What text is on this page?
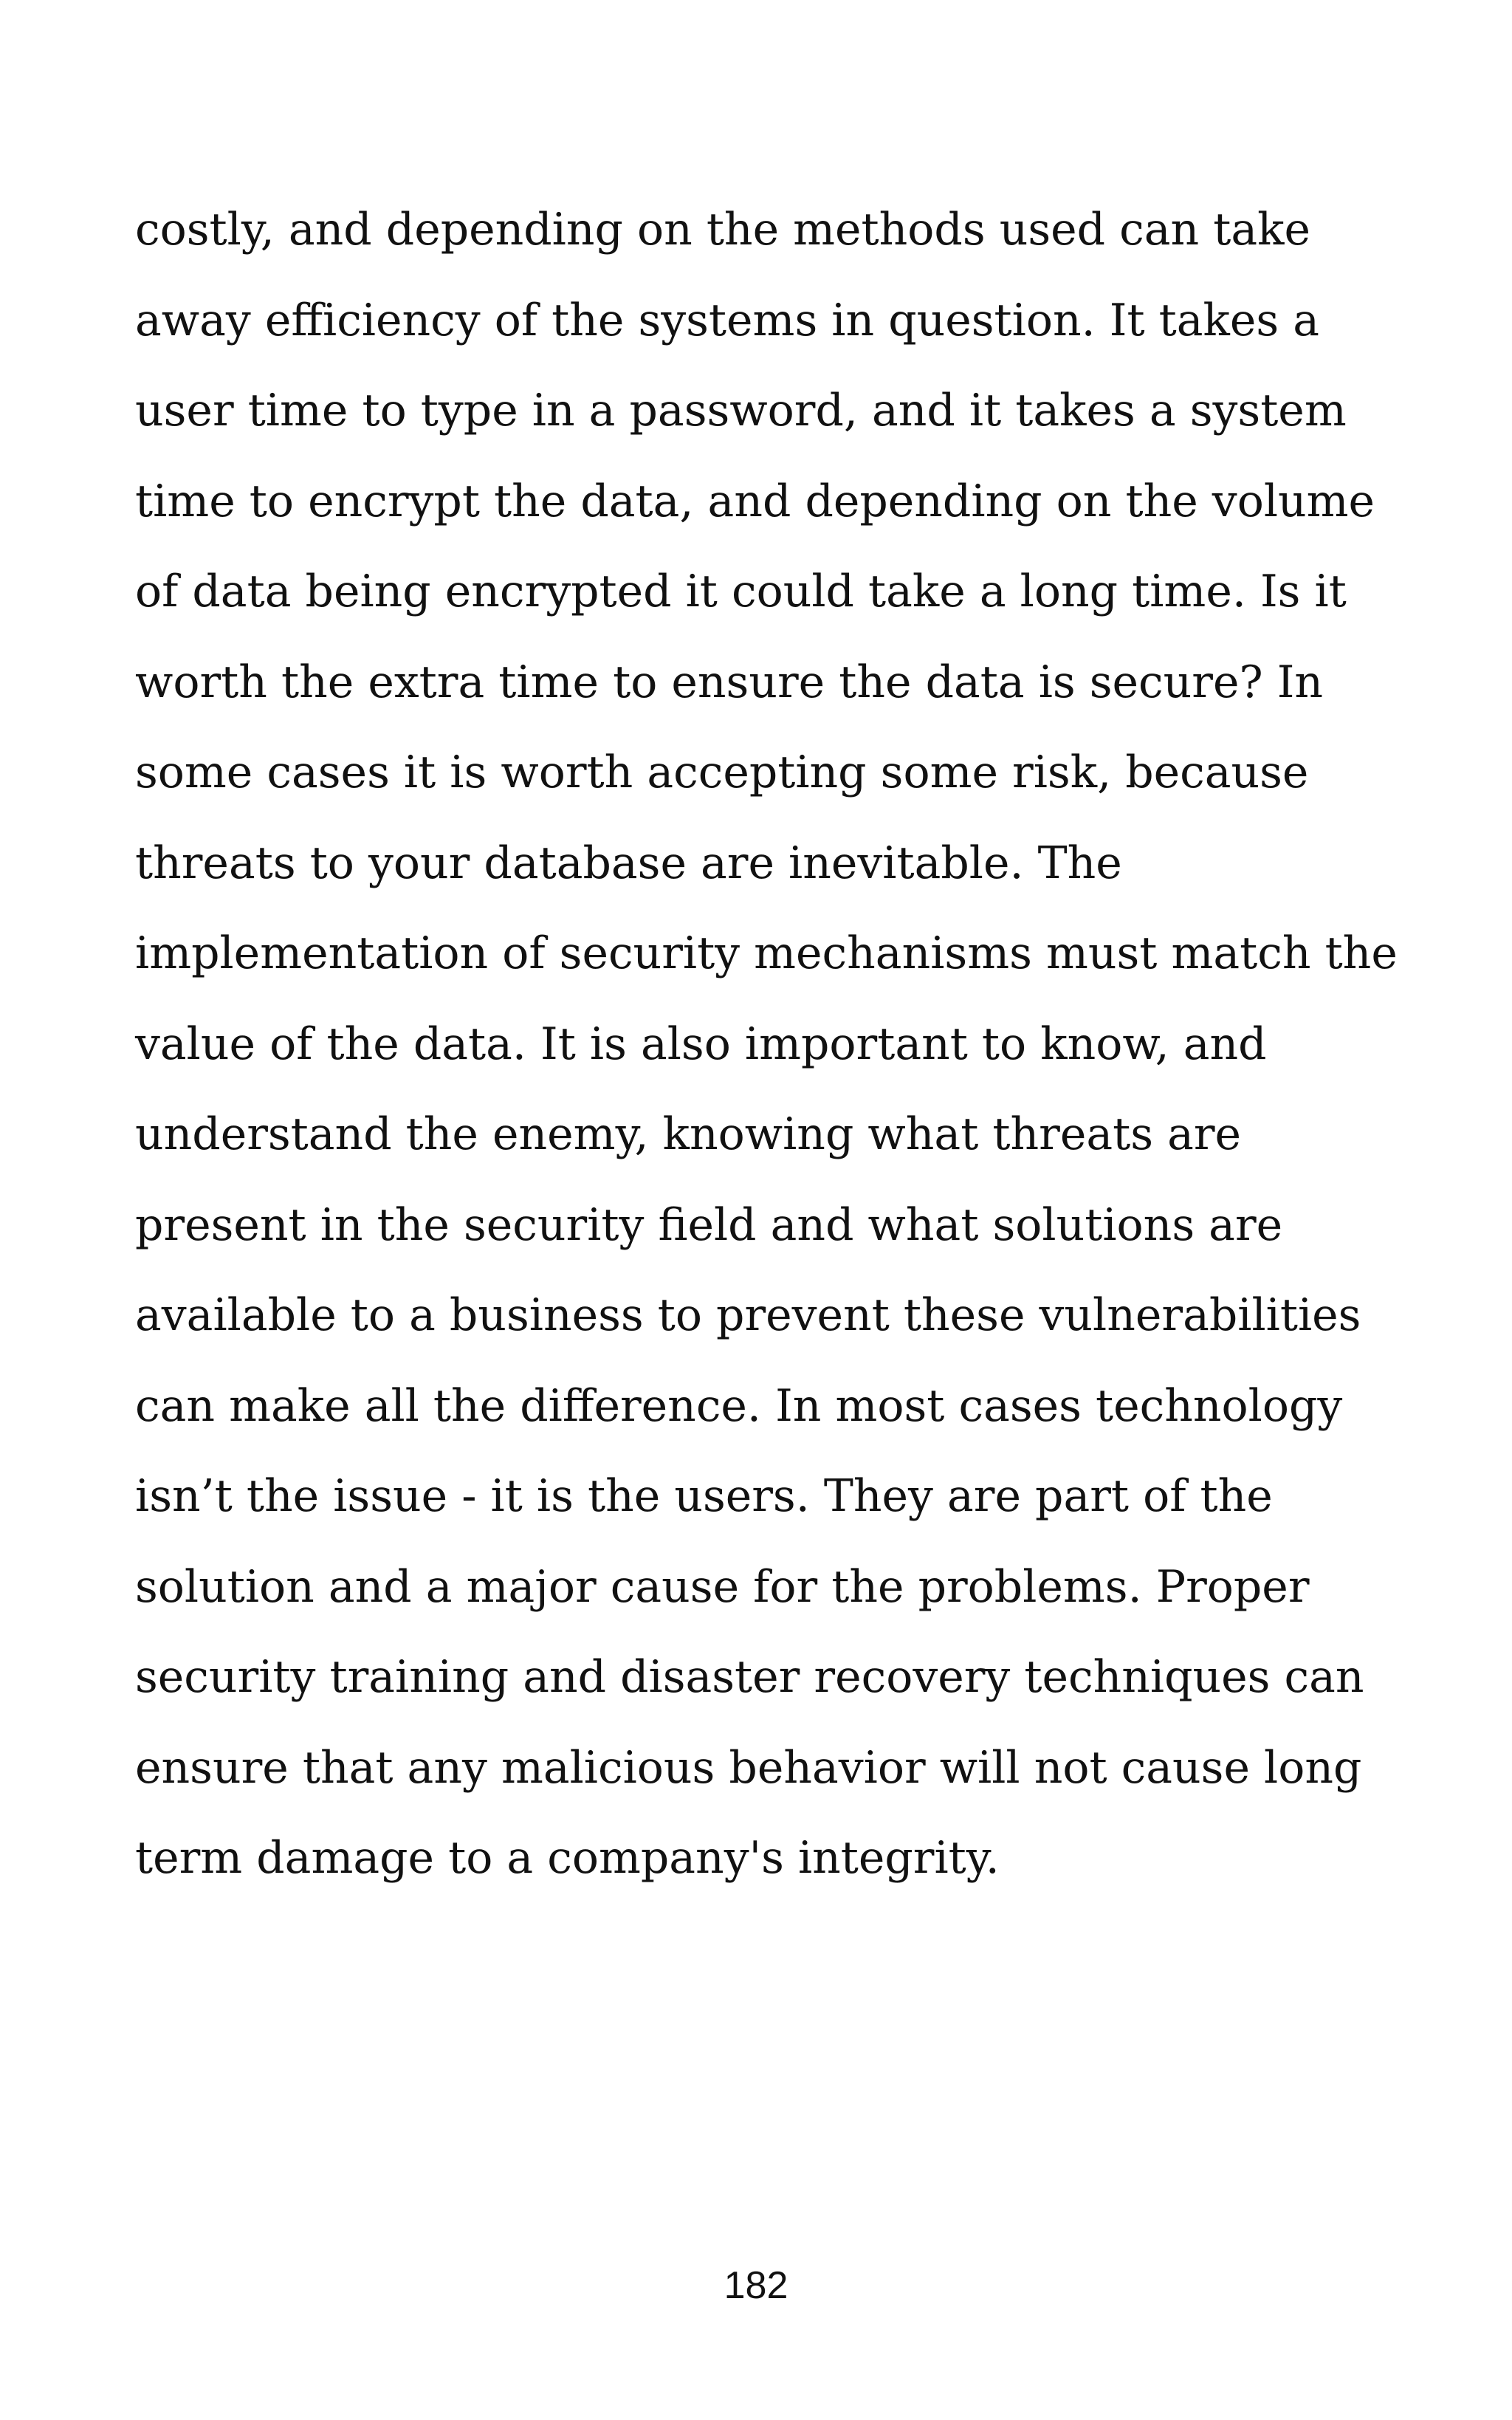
costly, and depending on the methods used can take
away efficiency of the systems in question. It takes a
user time to type in a password, and it takes a system
time to encrypt the data, and depending on the volume
of data being encrypted it could take a long time. Is it
worth the extra time to ensure the data is secure? In
some cases it is worth accepting some risk, because
threats to your database are inevitable. The
implementation of security mechanisms must match the
value of the data. It is also important to know, and
understand the enemy, knowing what threats are
present in the security field and what solutions are
available to a business to prevent these vulnerabilities
can make all the difference. In most cases technology
isn’t the issue - it is the users. They are part of the
solution and a major cause for the problems. Proper
security training and disaster recovery techniques can
ensure that any malicious behavior will not cause long
term damage to a company's integrity.

182
